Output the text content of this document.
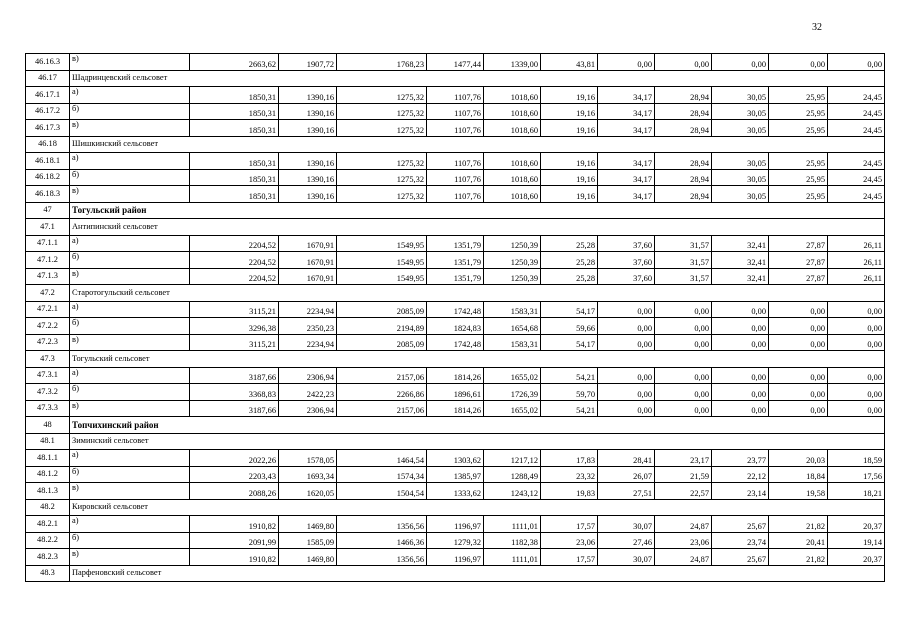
32
46.16.3	в)	2663,62	1907,72	1768,23	1477,44	1339,00	43,81	0,00	0,00	0,00	0,00	0,00
46.17	Шадринцевский сельсовет											
46.17.1	а)	1850,31	1390,16	1275,32	1107,76	1018,60	19,16	34,17	28,94	30,05	25,95	24,45
46.17.2	б)	1850,31	1390,16	1275,32	1107,76	1018,60	19,16	34,17	28,94	30,05	25,95	24,45
46.17.3	в)	1850,31	1390,16	1275,32	1107,76	1018,60	19,16	34,17	28,94	30,05	25,95	24,45
46.18	Шишкинский сельсовет											
46.18.1	а)	1850,31	1390,16	1275,32	1107,76	1018,60	19,16	34,17	28,94	30,05	25,95	24,45
46.18.2	б)	1850,31	1390,16	1275,32	1107,76	1018,60	19,16	34,17	28,94	30,05	25,95	24,45
46.18.3	в)	1850,31	1390,16	1275,32	1107,76	1018,60	19,16	34,17	28,94	30,05	25,95	24,45
47	Тогульский район											
47.1	Антипинский сельсовет											
47.1.1	а)	2204,52	1670,91	1549,95	1351,79	1250,39	25,28	37,60	31,57	32,41	27,87	26,11
47.1.2	б)	2204,52	1670,91	1549,95	1351,79	1250,39	25,28	37,60	31,57	32,41	27,87	26,11
47.1.3	в)	2204,52	1670,91	1549,95	1351,79	1250,39	25,28	37,60	31,57	32,41	27,87	26,11
47.2	Старотогульский сельсовет											
47.2.1	а)	3115,21	2234,94	2085,09	1742,48	1583,31	54,17	0,00	0,00	0,00	0,00	0,00
47.2.2	б)	3296,38	2350,23	2194,89	1824,83	1654,68	59,66	0,00	0,00	0,00	0,00	0,00
47.2.3	в)	3115,21	2234,94	2085,09	1742,48	1583,31	54,17	0,00	0,00	0,00	0,00	0,00
47.3	Тогульский сельсовет											
47.3.1	а)	3187,66	2306,94	2157,06	1814,26	1655,02	54,21	0,00	0,00	0,00	0,00	0,00
47.3.2	б)	3368,83	2422,23	2266,86	1896,61	1726,39	59,70	0,00	0,00	0,00	0,00	0,00
47.3.3	в)	3187,66	2306,94	2157,06	1814,26	1655,02	54,21	0,00	0,00	0,00	0,00	0,00
48	Топчихинский район											
48.1	Зиминский сельсовет											
48.1.1	а)	2022,26	1578,05	1464,54	1303,62	1217,12	17,83	28,41	23,17	23,77	20,03	18,59
48.1.2	б)	2203,43	1693,34	1574,34	1385,97	1288,49	23,32	26,07	21,59	22,12	18,84	17,56
48.1.3	в)	2088,26	1620,05	1504,54	1333,62	1243,12	19,83	27,51	22,57	23,14	19,58	18,21
48.2	Кировский сельсовет											
48.2.1	а)	1910,82	1469,80	1356,56	1196,97	1111,01	17,57	30,07	24,87	25,67	21,82	20,37
48.2.2	б)	2091,99	1585,09	1466,36	1279,32	1182,38	23,06	27,46	23,06	23,74	20,41	19,14
48.2.3	в)	1910,82	1469,80	1356,56	1196,97	1111,01	17,57	30,07	24,87	25,67	21,82	20,37
48.3	Парфеновский сельсовет											
